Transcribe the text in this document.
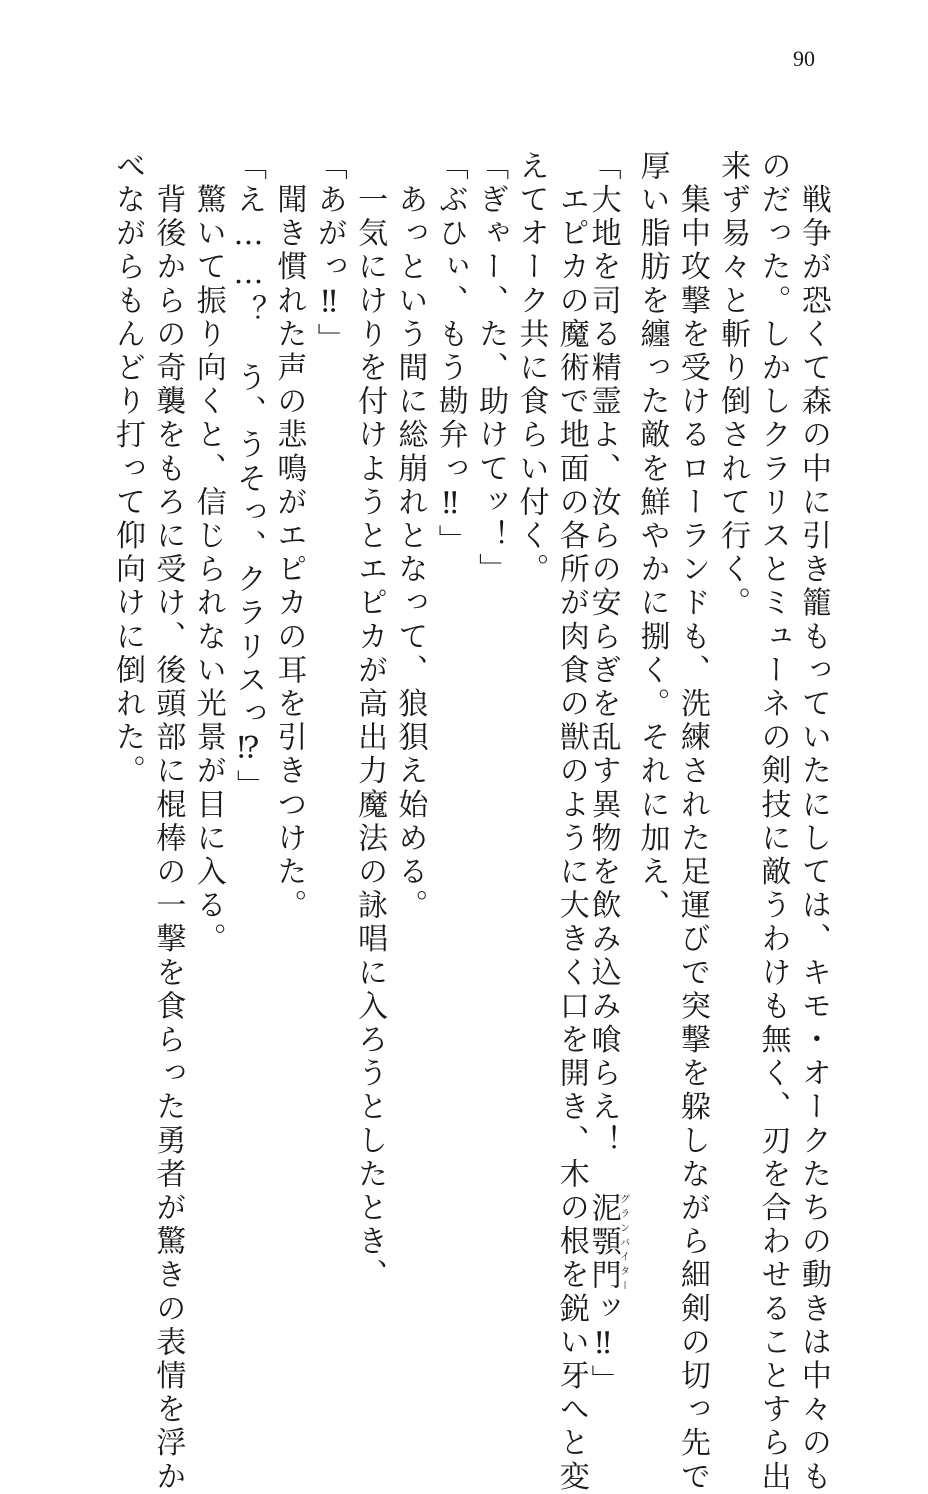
90

　戦争が恐くて森の中に引き籠もっていたにしては、キモ・オークたちの動きは中々のも

のだった。しかしクラリスとミューネの剣技に敵うわけも無く、刃を合わせることすら出

来ず易々と斬り倒されて行く。

　集中攻撃を受けるローランドも、洗練された足運びで突撃を躱しながら細剣の切っ先で

厚い脂肪を纏った敵を鮮やかに捌く。それに加え、

「大地を司る精霊よ、汝らの安らぎを乱す異物を飲み込み喰らえ！　泥顎門グランバイターッ‼」

　エピカの魔術で地面の各所が肉食の獣のように大きく口を開き、木の根を鋭い牙へと変

えてオーク共に食らい付く。

「ぎゃー、た、助けてッ！」

「ぶひぃ、もう勘弁っ‼」

　あっという間に総崩れとなって、狼狽え始める。

　一気にけりを付けようとエピカが高出力魔法の詠唱に入ろうとしたとき、

「あがっ‼」

　聞き慣れた声の悲鳴がエピカの耳を引きつけた。

「え……？　う、うそっ、クラリスっ⁉」

　驚いて振り向くと、信じられない光景が目に入る。

　背後からの奇襲をもろに受け、後頭部に棍棒の一撃を食らった勇者が驚きの表情を浮か

べながらもんどり打って仰向けに倒れた。
